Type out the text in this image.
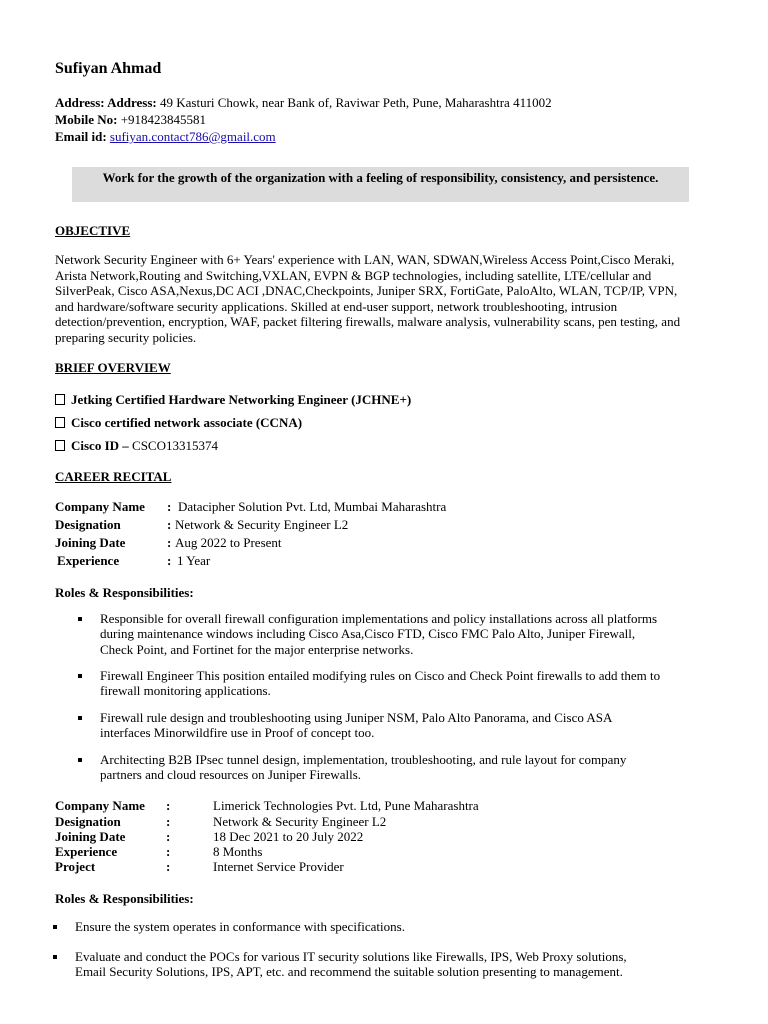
Sufiyan Ahmad
Address: Address: 49 Kasturi Chowk, near Bank of, Raviwar Peth, Pune, Maharashtra 411002
Mobile No: +918423845581
Email id: sufiyan.contact786@gmail.com
Work for the growth of the organization with a feeling of responsibility, consistency, and persistence.
OBJECTIVE
Network Security Engineer with 6+ Years' experience with LAN, WAN, SDWAN,Wireless Access Point,Cisco Meraki,
Arista Network,Routing and Switching,VXLAN, EVPN & BGP technologies, including satellite, LTE/cellular and
SilverPeak, Cisco ASA,Nexus,DC ACI ,DNAC,Checkpoints, Juniper SRX, FortiGate, PaloAlto, WLAN, TCP/IP, VPN,
and hardware/software security applications. Skilled at end-user support, network troubleshooting, intrusion
detection/prevention, encryption, WAF, packet filtering firewalls, malware analysis, vulnerability scans, pen testing, and
preparing security policies.
BRIEF OVERVIEW
Jetking Certified Hardware Networking Engineer (JCHNE+)
Cisco certified network associate (CCNA)
Cisco ID – CSCO13315374
CAREER RECITAL
Company Name : Datacipher Solution Pvt. Ltd, Mumbai Maharashtra
Designation	: Network & Security Engineer L2
Joining Date	: Aug 2022 to Present
Experience	: 1 Year
Roles & Responsibilities:
Responsible for overall firewall configuration implementations and policy installations across all platforms
during maintenance windows including Cisco Asa,Cisco FTD, Cisco FMC Palo Alto, Juniper Firewall,
Check Point, and Fortinet for the major enterprise networks.
Firewall Engineer This position entailed modifying rules on Cisco and Check Point firewalls to add them to
firewall monitoring applications.
Firewall rule design and troubleshooting using Juniper NSM, Palo Alto Panorama, and Cisco ASA
interfaces Minorwildfire use in Proof of concept too.
Architecting B2B IPsec tunnel design, implementation, troubleshooting, and rule layout for company
partners and cloud resources on Juniper Firewalls.
Company Name :	Limerick Technologies Pvt. Ltd, Pune Maharashtra
Designation	:	Network & Security Engineer L2
Joining Date	:	18 Dec 2021 to 20 July 2022
Experience	:	8 Months
Project	:	Internet Service Provider
Roles & Responsibilities:
Ensure the system operates in conformance with specifications.
Evaluate and conduct the POCs for various IT security solutions like Firewalls, IPS, Web Proxy solutions,
Email Security Solutions, IPS, APT, etc. and recommend the suitable solution presenting to management.
